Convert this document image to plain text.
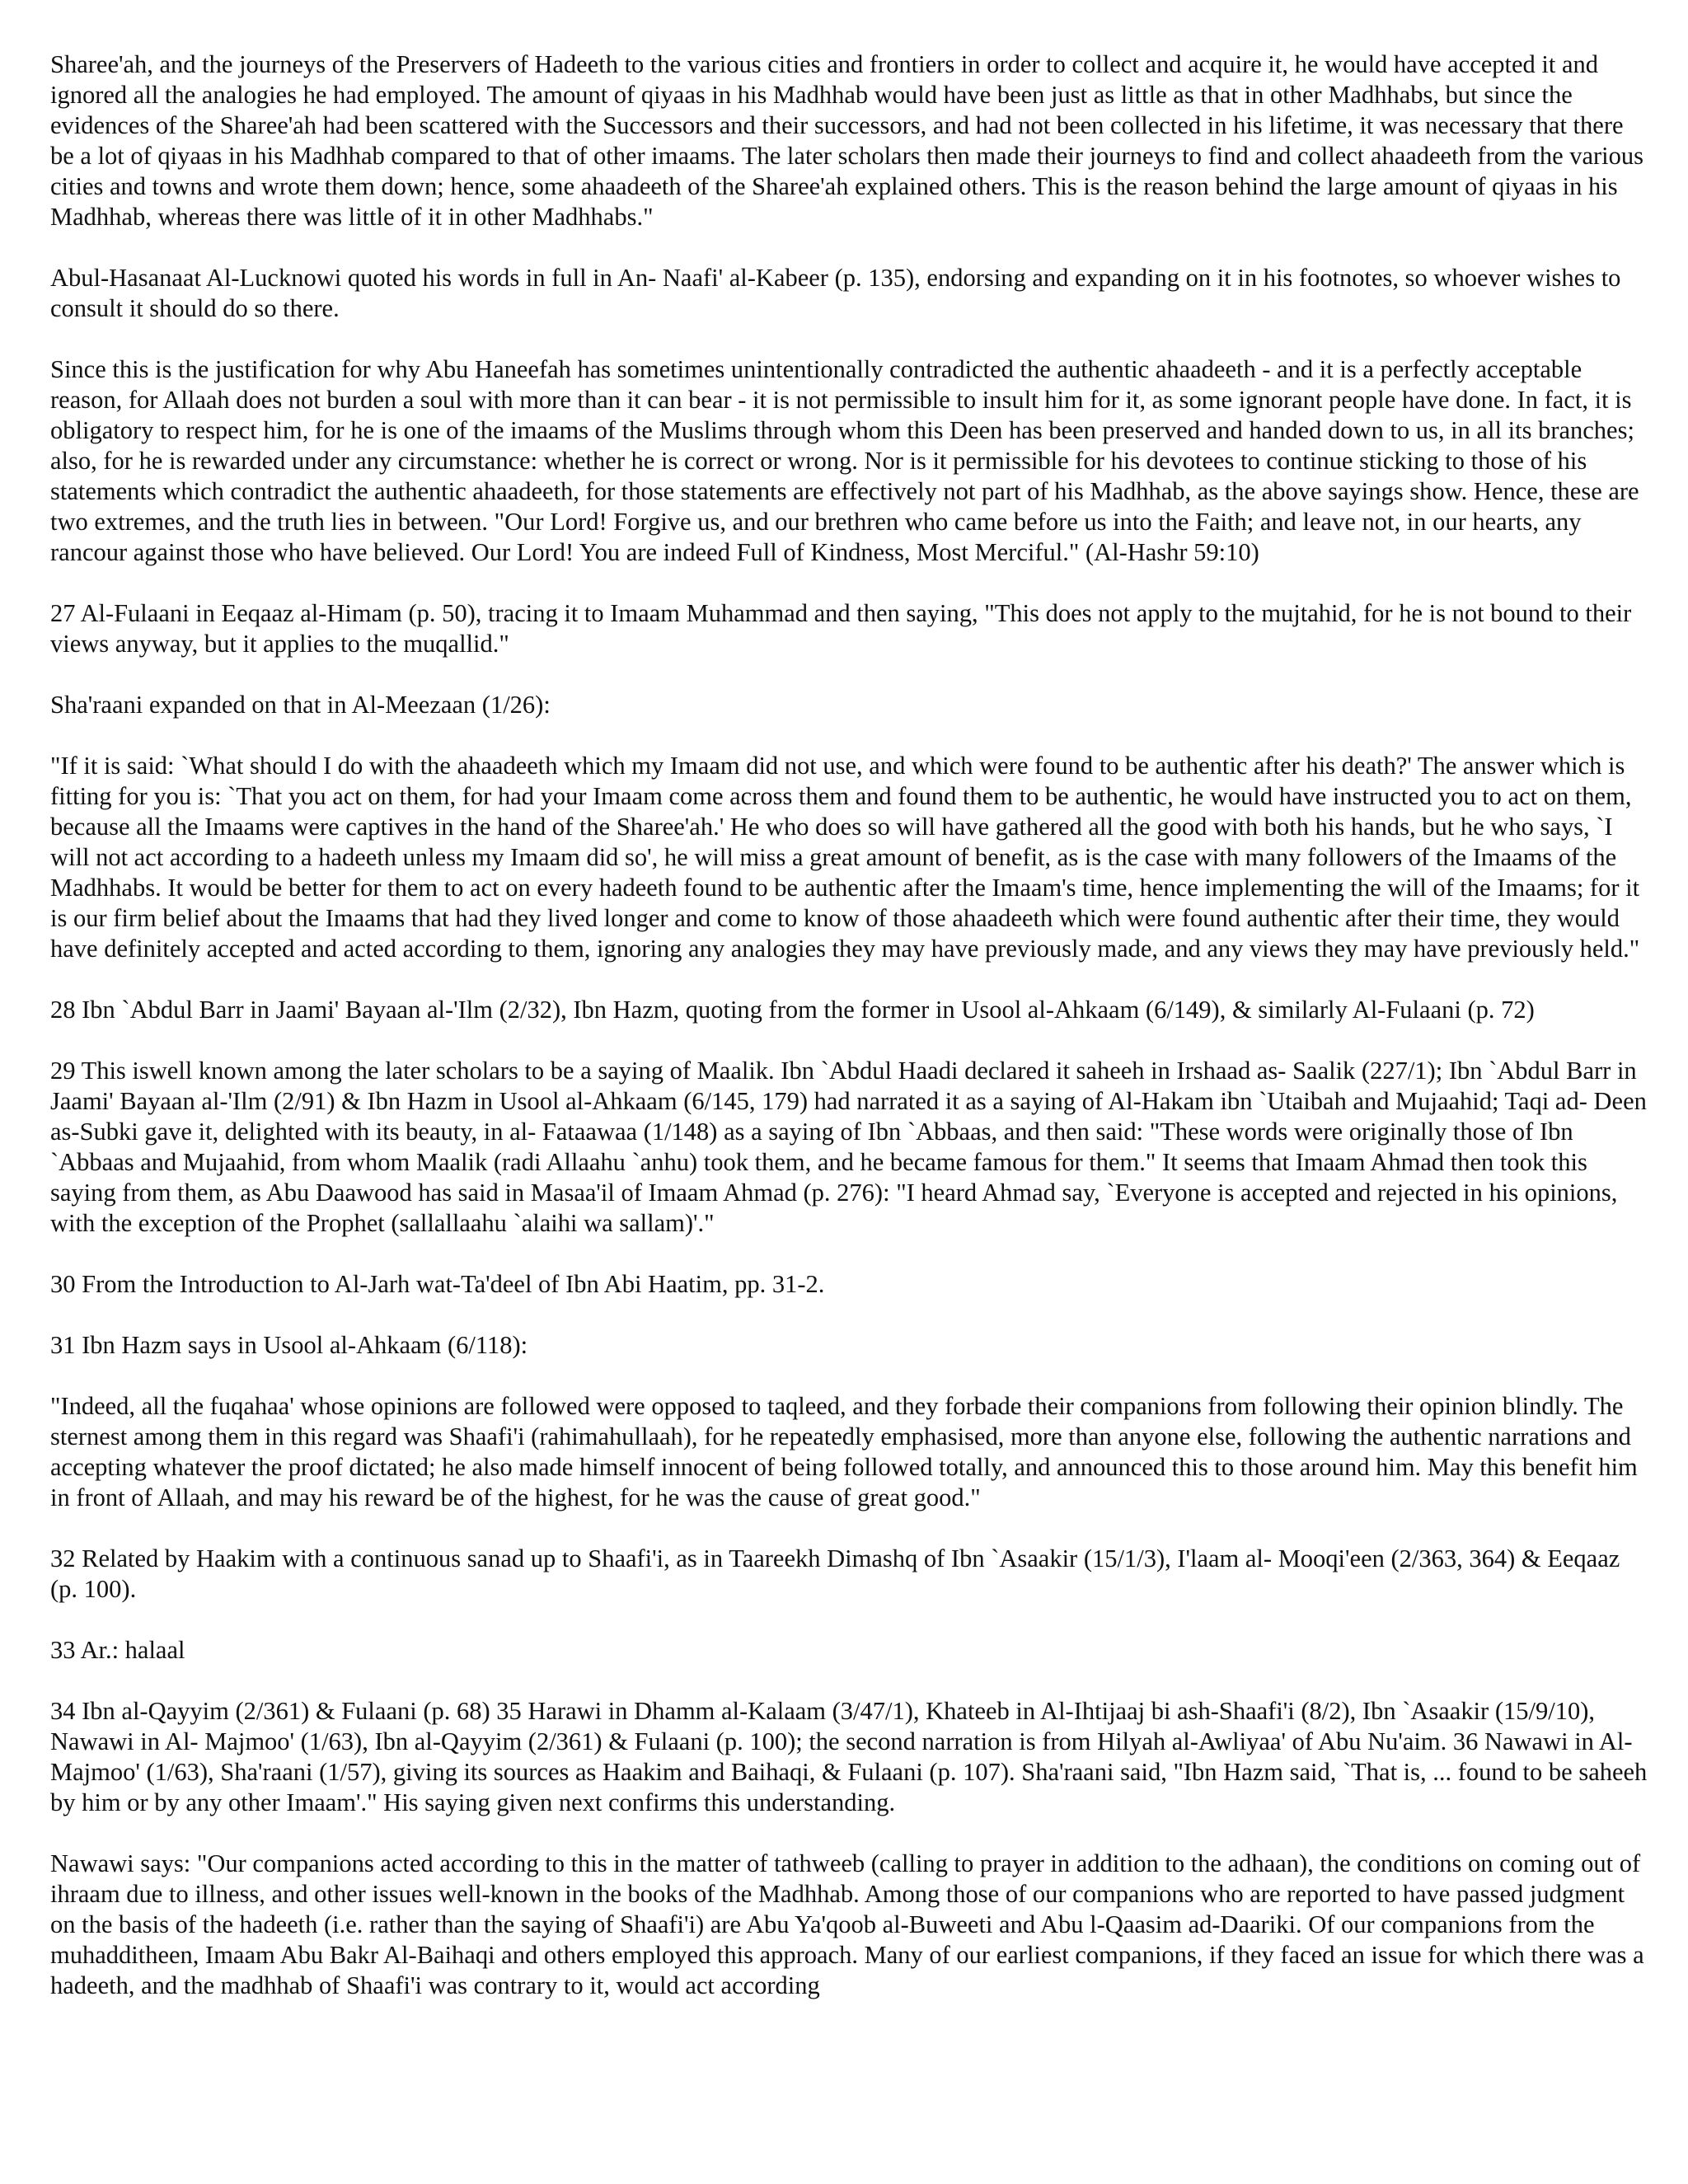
Sharee'ah, and the journeys of the Preservers of Hadeeth to the various cities and frontiers in order to collect and acquire it, he would have accepted it and ignored all the analogies he had employed. The amount of qiyaas in his Madhhab would have been just as little as that in other Madhhabs, but since the evidences of the Sharee'ah had been scattered with the Successors and their successors, and had not been collected in his lifetime, it was necessary that there be a lot of qiyaas in his Madhhab compared to that of other imaams. The later scholars then made their journeys to find and collect ahaadeeth from the various cities and towns and wrote them down; hence, some ahaadeeth of the Sharee'ah explained others. This is the reason behind the large amount of qiyaas in his Madhhab, whereas there was little of it in other Madhhabs."

Abul-Hasanaat Al-Lucknowi quoted his words in full in An- Naafi' al-Kabeer (p. 135), endorsing and expanding on it in his footnotes, so whoever wishes to consult it should do so there.

Since this is the justification for why Abu Haneefah has sometimes unintentionally contradicted the authentic ahaadeeth - and it is a perfectly acceptable reason, for Allaah does not burden a soul with more than it can bear - it is not permissible to insult him for it, as some ignorant people have done. In fact, it is obligatory to respect him, for he is one of the imaams of the Muslims through whom this Deen has been preserved and handed down to us, in all its branches; also, for he is rewarded under any circumstance: whether he is correct or wrong. Nor is it permissible for his devotees to continue sticking to those of his statements which contradict the authentic ahaadeeth, for those statements are effectively not part of his Madhhab, as the above sayings show. Hence, these are two extremes, and the truth lies in between. "Our Lord! Forgive us, and our brethren who came before us into the Faith; and leave not, in our hearts, any rancour against those who have believed. Our Lord! You are indeed Full of Kindness, Most Merciful." (Al-Hashr 59:10)

27 Al-Fulaani in Eeqaaz al-Himam (p. 50), tracing it to Imaam Muhammad and then saying, "This does not apply to the mujtahid, for he is not bound to their views anyway, but it applies to the muqallid."

Sha'raani expanded on that in Al-Meezaan (1/26):

"If it is said: `What should I do with the ahaadeeth which my Imaam did not use, and which were found to be authentic after his death?' The answer which is fitting for you is: `That you act on them, for had your Imaam come across them and found them to be authentic, he would have instructed you to act on them, because all the Imaams were captives in the hand of the Sharee'ah.' He who does so will have gathered all the good with both his hands, but he who says, `I will not act according to a hadeeth unless my Imaam did so', he will miss a great amount of benefit, as is the case with many followers of the Imaams of the Madhhabs. It would be better for them to act on every hadeeth found to be authentic after the Imaam's time, hence implementing the will of the Imaams; for it is our firm belief about the Imaams that had they lived longer and come to know of those ahaadeeth which were found authentic after their time, they would have definitely accepted and acted according to them, ignoring any analogies they may have previously made, and any views they may have previously held."

28 Ibn `Abdul Barr in Jaami' Bayaan al-'Ilm (2/32), Ibn Hazm, quoting from the former in Usool al-Ahkaam (6/149), & similarly Al-Fulaani (p. 72)

29 This iswell known among the later scholars to be a saying of Maalik. Ibn `Abdul Haadi declared it saheeh in Irshaad as- Saalik (227/1); Ibn `Abdul Barr in Jaami' Bayaan al-'Ilm (2/91) & Ibn Hazm in Usool al-Ahkaam (6/145, 179) had narrated it as a saying of Al-Hakam ibn `Utaibah and Mujaahid; Taqi ad- Deen as-Subki gave it, delighted with its beauty, in al- Fataawaa (1/148) as a saying of Ibn `Abbaas, and then said: "These words were originally those of Ibn `Abbaas and Mujaahid, from whom Maalik (radi Allaahu `anhu) took them, and he became famous for them." It seems that Imaam Ahmad then took this saying from them, as Abu Daawood has said in Masaa'il of Imaam Ahmad (p. 276): "I heard Ahmad say, `Everyone is accepted and rejected in his opinions, with the exception of the Prophet (sallallaahu `alaihi wa sallam)'."

30 From the Introduction to Al-Jarh wat-Ta'deel of Ibn Abi Haatim, pp. 31-2.

31 Ibn Hazm says in Usool al-Ahkaam (6/118):

"Indeed, all the fuqahaa' whose opinions are followed were opposed to taqleed, and they forbade their companions from following their opinion blindly. The sternest among them in this regard was Shaafi'i (rahimahullaah), for he repeatedly emphasised, more than anyone else, following the authentic narrations and accepting whatever the proof dictated; he also made himself innocent of being followed totally, and announced this to those around him. May this benefit him in front of Allaah, and may his reward be of the highest, for he was the cause of great good."

32 Related by Haakim with a continuous sanad up to Shaafi'i, as in Taareekh Dimashq of Ibn `Asaakir (15/1/3), I'laam al- Mooqi'een (2/363, 364) & Eeqaaz (p. 100).

33 Ar.: halaal

34 Ibn al-Qayyim (2/361) & Fulaani (p. 68) 35 Harawi in Dhamm al-Kalaam (3/47/1), Khateeb in Al-Ihtijaaj bi ash-Shaafi'i (8/2), Ibn `Asaakir (15/9/10), Nawawi in Al- Majmoo' (1/63), Ibn al-Qayyim (2/361) & Fulaani (p. 100); the second narration is from Hilyah al-Awliyaa' of Abu Nu'aim. 36 Nawawi in Al-Majmoo' (1/63), Sha'raani (1/57), giving its sources as Haakim and Baihaqi, & Fulaani (p. 107). Sha'raani said, "Ibn Hazm said, `That is, ... found to be saheeh by him or by any other Imaam'." His saying given next confirms this understanding.

Nawawi says: "Our companions acted according to this in the matter of tathweeb (calling to prayer in addition to the adhaan), the conditions on coming out of ihraam due to illness, and other issues well-known in the books of the Madhhab. Among those of our companions who are reported to have passed judgment on the basis of the hadeeth (i.e. rather than the saying of Shaafi'i) are Abu Ya'qoob al-Buweeti and Abu l-Qaasim ad-Daariki. Of our companions from the muhadditheen, Imaam Abu Bakr Al-Baihaqi and others employed this approach. Many of our earliest companions, if they faced an issue for which there was a hadeeth, and the madhhab of Shaafi'i was contrary to it, would act according
